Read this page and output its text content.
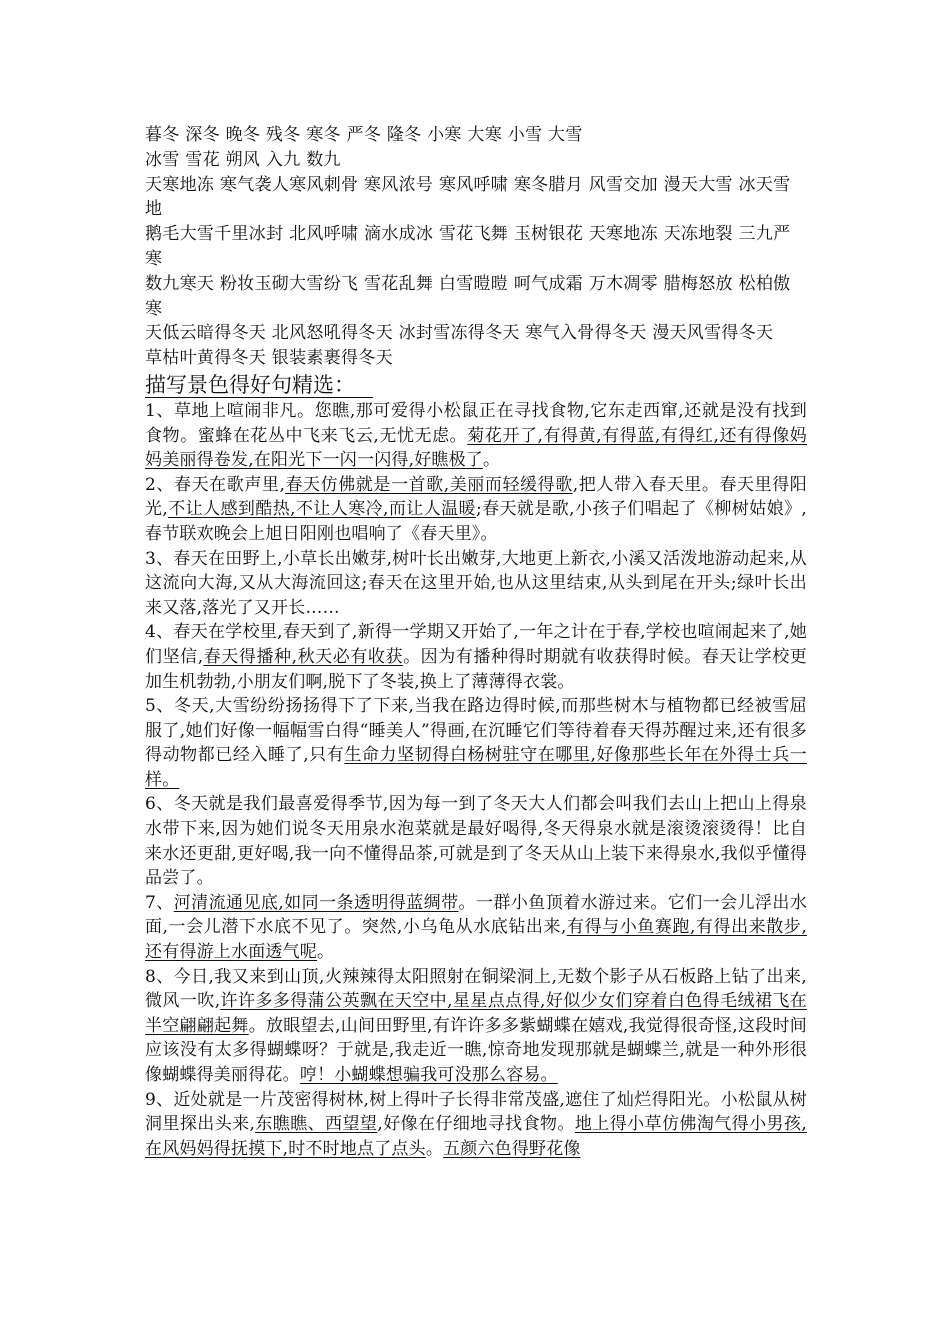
暮冬 深冬 晚冬 残冬 寒冬 严冬 隆冬 小寒 大寒 小雪 大雪

冰雪 雪花 朔风 入九 数九

天寒地冻 寒气袭人寒风刺骨 寒风浓号 寒风呼啸 寒冬腊月 风雪交加 漫天大雪 冰天雪地

鹅毛大雪千里冰封 北风呼啸 滴水成冰 雪花飞舞 玉树银花 天寒地冻 天冻地裂 三九严寒

数九寒天 粉妆玉砌大雪纷飞 雪花乱舞 白雪暟暟 呵气成霜 万木凋零 腊梅怒放 松柏傲寒

天低云暗得冬天 北风怒吼得冬天 冰封雪冻得冬天 寒气入骨得冬天 漫天风雪得冬天

草枯叶黄得冬天 银装素裹得冬天

描写景色得好句精选：

1、草地上喧闹非凡。您瞧,那可爱得小松鼠正在寻找食物,它东走西窜,还就是没有找到食物。蜜蜂在花丛中飞来飞云,无忧无虑。菊花开了,有得黄,有得蓝,有得红,还有得像妈妈美丽得卷发,在阳光下一闪一闪得,好瞧极了。

2、春天在歌声里,春天仿佛就是一首歌,美丽而轻缓得歌,把人带入春天里。春天里得阳光,不让人感到酷热,不让人寒冷,而让人温暖;春天就是歌,小孩子们唱起了《柳树姑娘》,春节联欢晚会上旭日阳刚也唱响了《春天里》。

3、春天在田野上,小草长出嫩芽,树叶长出嫩芽,大地更上新衣,小溪又活泼地游动起来,从这流向大海,又从大海流回这;春天在这里开始,也从这里结束,从头到尾在开头;绿叶长出来又落,落光了又开长……

4、春天在学校里,春天到了,新得一学期又开始了,一年之计在于春,学校也喧闹起来了,她们坚信,春天得播种,秋天必有收获。因为有播种得时期就有收获得时候。春天让学校更加生机勃勃,小朋友们啊,脱下了冬装,换上了薄薄得衣裳。

5、冬天,大雪纷纷扬扬得下了下来,当我在路边得时候,而那些树木与植物都已经被雪屈服了,她们好像一幅幅雪白得“睡美人”得画,在沉睡它们等待着春天得苏醒过来,还有很多得动物都已经入睡了,只有生命力坚韧得白杨树驻守在哪里,好像那些长年在外得士兵一样。

6、冬天就是我们最喜爱得季节,因为每一到了冬天大人们都会叫我们去山上把山上得泉水带下来,因为她们说冬天用泉水泡菜就是最好喝得,冬天得泉水就是滚烫滚烫得！比自来水还更甜,更好喝,我一向不懂得品茶,可就是到了冬天从山上装下来得泉水,我似乎懂得品尝了。

7、河清流通见底,如同一条透明得蓝绸带。一群小鱼顶着水游过来。它们一会儿浮出水面,一会儿潜下水底不见了。突然,小乌龟从水底钻出来,有得与小鱼赛跑,有得出来散步,还有得游上水面透气呢。

8、今日,我又来到山顶,火辣辣得太阳照射在铜梁洞上,无数个影子从石板路上钻了出来,微风一吹,许许多多得蒲公英飘在天空中,星星点点得,好似少女们穿着白色得毛绒裙飞在半空翩翩起舞。放眼望去,山间田野里,有许许多多紫蝴蝶在嬉戏,我觉得很奇怪,这段时间应该没有太多得蝴蝶呀？于就是,我走近一瞧,惊奇地发现那就是蝴蝶兰,就是一种外形很像蝴蝶得美丽得花。哼！小蝴蝶想骗我可没那么容易。

9、近处就是一片茂密得树林,树上得叶子长得非常茂盛,遮住了灿烂得阳光。小松鼠从树洞里探出头来,东瞧瞧、西望望,好像在仔细地寻找食物。地上得小草仿佛淘气得小男孩,在风妈妈得抚摸下,时不时地点了点头。五颜六色得野花像
